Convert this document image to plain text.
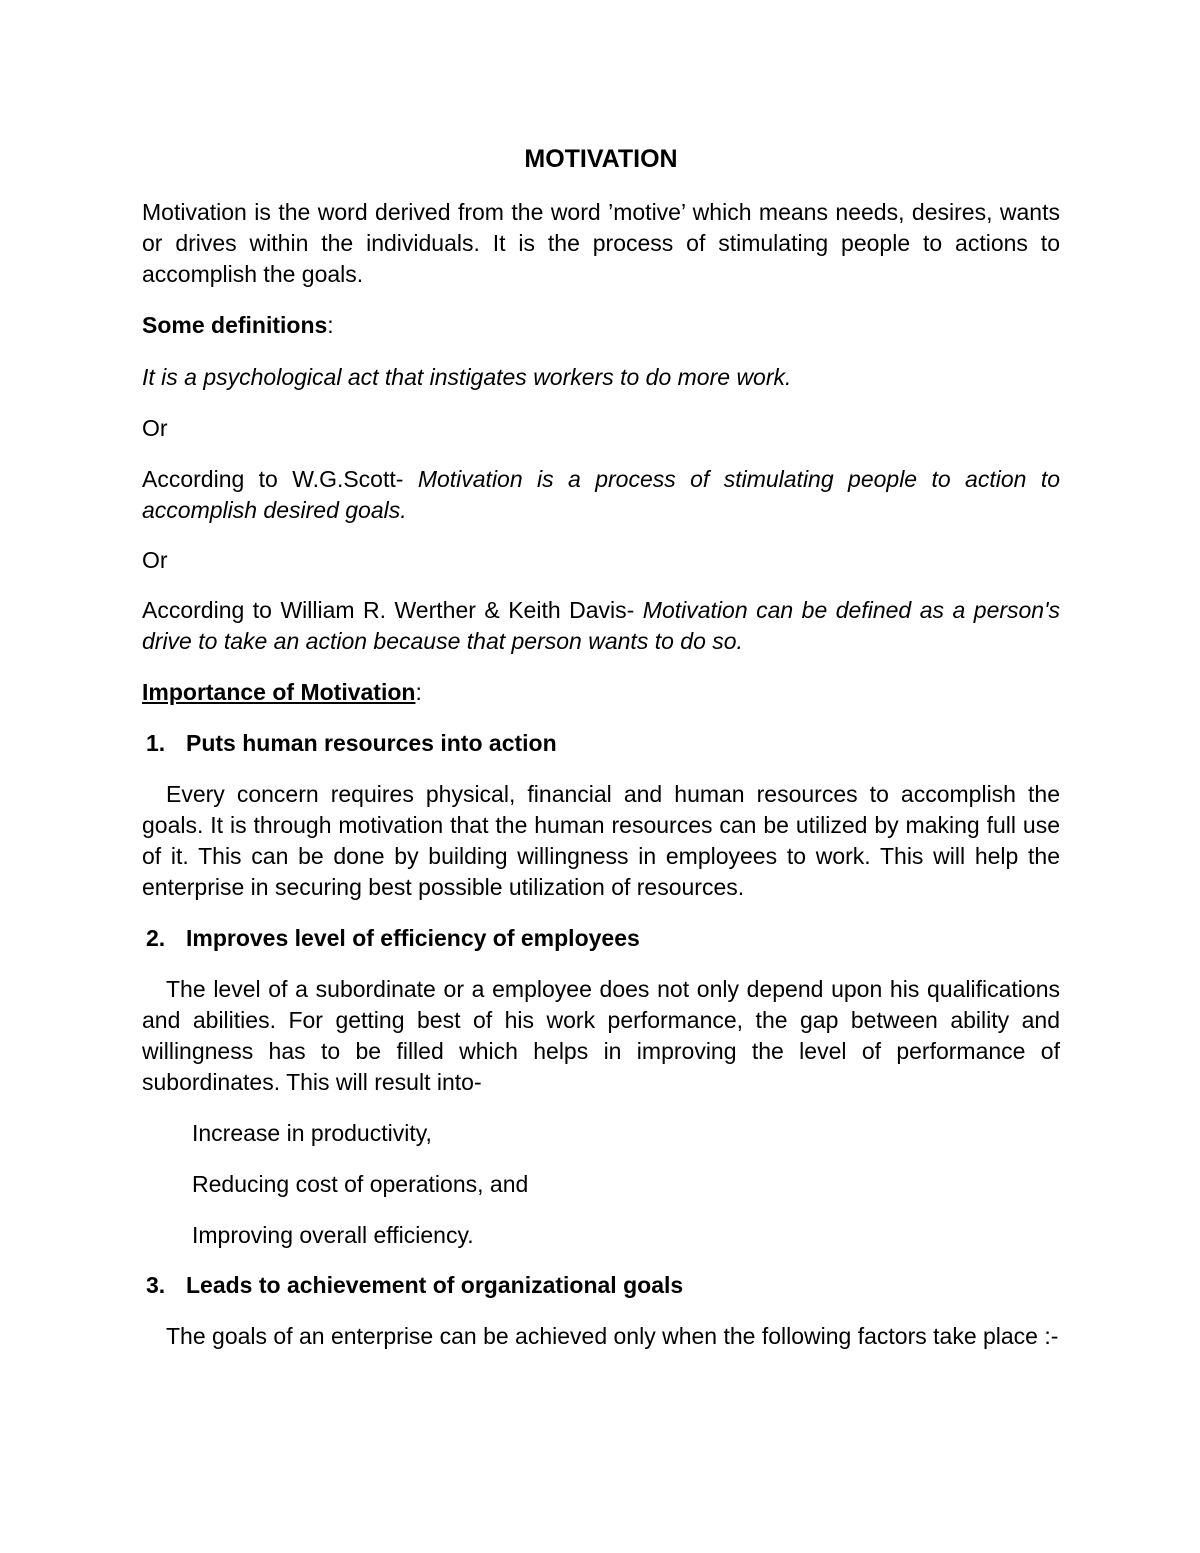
MOTIVATION

Motivation is the word derived from the word ’motive’ which means needs, desires, wants or drives within the individuals. It is the process of stimulating people to actions to accomplish the goals.

Some definitions:

It is a psychological act that instigates workers to do more work.

Or

According to W.G.Scott- Motivation is a process of stimulating people to action to accomplish desired goals.

Or

According to William R. Werther & Keith Davis- Motivation can be defined as a person's drive to take an action because that person wants to do so.

Importance of Motivation:

1. Puts human resources into action

Every concern requires physical, financial and human resources to accomplish the goals. It is through motivation that the human resources can be utilized by making full use of it. This can be done by building willingness in employees to work. This will help the enterprise in securing best possible utilization of resources.

2. Improves level of efficiency of employees

The level of a subordinate or a employee does not only depend upon his qualifications and abilities. For getting best of his work performance, the gap between ability and willingness has to be filled which helps in improving the level of performance of subordinates. This will result into-

Increase in productivity,

Reducing cost of operations, and

Improving overall efficiency.

3. Leads to achievement of organizational goals

The goals of an enterprise can be achieved only when the following factors take place :-
